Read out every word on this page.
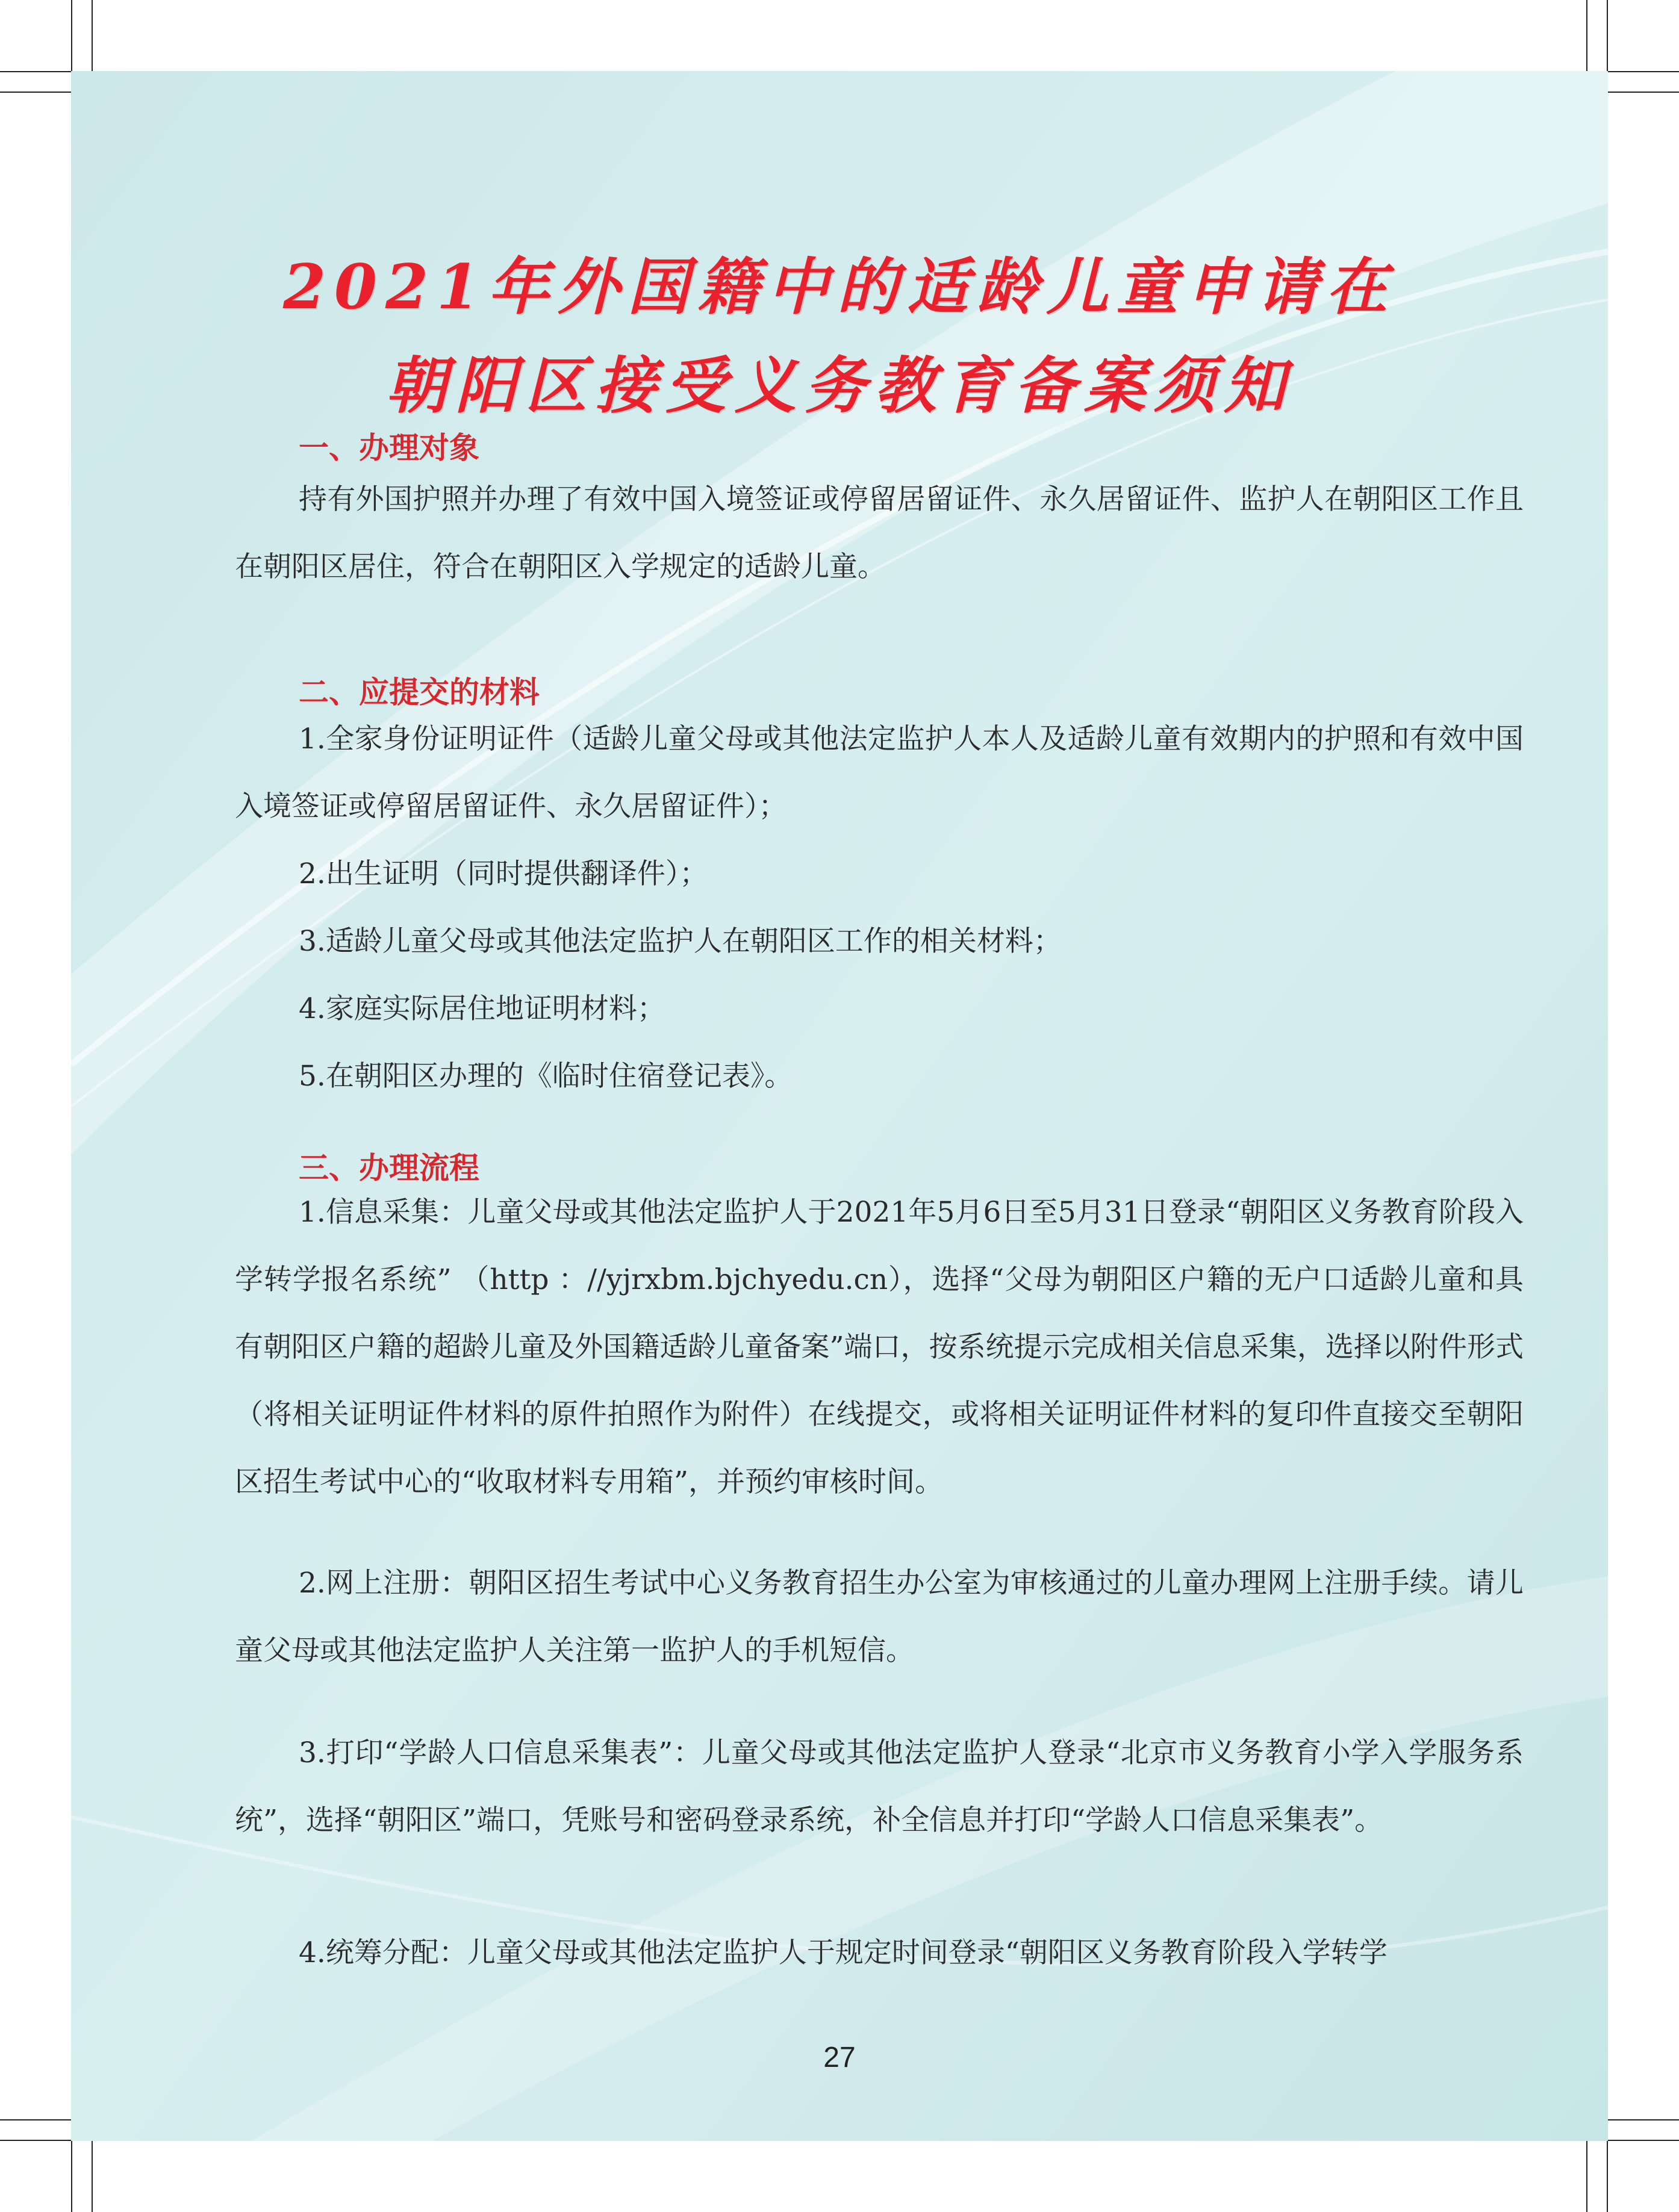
2021年外国籍中的适龄儿童申请在
朝阳区接受义务教育备案须知
一、办理对象

持有外国护照并办理了有效中国入境签证或停留居留证件、永久居留证件、监护人在朝阳区工作且在朝阳区居住，符合在朝阳区入学规定的适龄儿童。

二、应提交的材料

1.全家身份证明证件（适龄儿童父母或其他法定监护人本人及适龄儿童有效期内的护照和有效中国入境签证或停留居留证件、永久居留证件）；

2.出生证明（同时提供翻译件）；

3.适龄儿童父母或其他法定监护人在朝阳区工作的相关材料；

4.家庭实际居住地证明材料；

5.在朝阳区办理的《临时住宿登记表》。

三、办理流程

1.信息采集：儿童父母或其他法定监护人于2021年5月6日至5月31日登录“朝阳区义务教育阶段入学转学报名系统” （http ：//yjrxbm.bjchyedu.cn），选择“父母为朝阳区户籍的无户口适龄儿童和具有朝阳区户籍的超龄儿童及外国籍适龄儿童备案”端口，按系统提示完成相关信息采集，选择以附件形式（将相关证明证件材料的原件拍照作为附件）在线提交，或将相关证明证件材料的复印件直接交至朝阳区招生考试中心的“收取材料专用箱”，并预约审核时间。

2.网上注册：朝阳区招生考试中心义务教育招生办公室为审核通过的儿童办理网上注册手续。请儿童父母或其他法定监护人关注第一监护人的手机短信。

3.打印“学龄人口信息采集表”：儿童父母或其他法定监护人登录“北京市义务教育小学入学服务系统”，选择“朝阳区”端口，凭账号和密码登录系统，补全信息并打印“学龄人口信息采集表”。

4.统筹分配：儿童父母或其他法定监护人于规定时间登录“朝阳区义务教育阶段入学转学

27
